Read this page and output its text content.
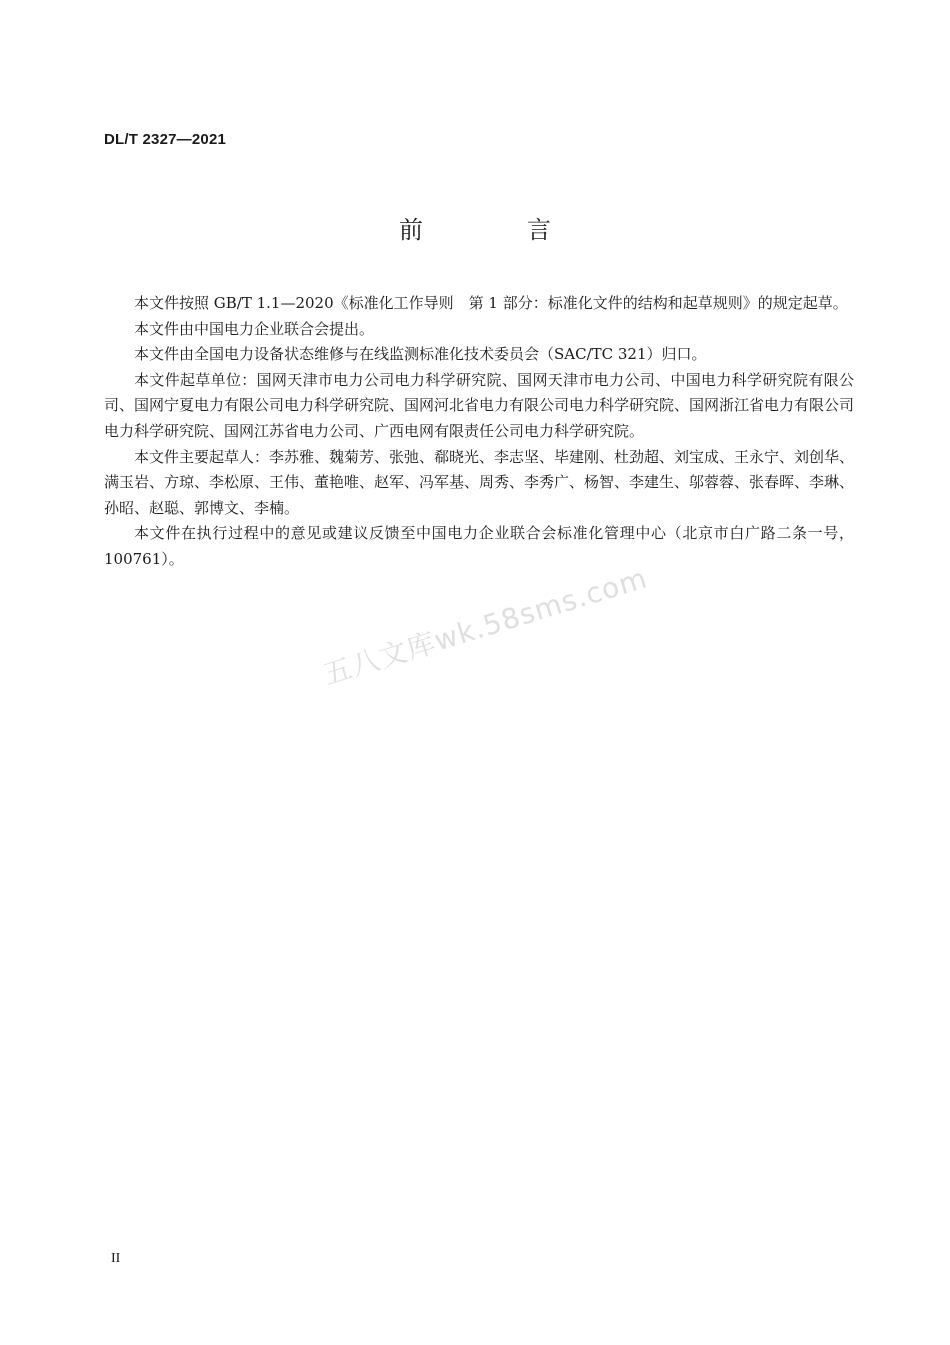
DL/T 2327—2021
前　言

本文件按照 GB/T 1.1—2020《标准化工作导则　第 1 部分：标准化文件的结构和起草规则》的规定起草。

本文件由中国电力企业联合会提出。

本文件由全国电力设备状态维修与在线监测标准化技术委员会（SAC/TC 321）归口。

本文件起草单位：国网天津市电力公司电力科学研究院、国网天津市电力公司、中国电力科学研究院有限公司、国网宁夏电力有限公司电力科学研究院、国网河北省电力有限公司电力科学研究院、国网浙江省电力有限公司电力科学研究院、国网江苏省电力公司、广西电网有限责任公司电力科学研究院。

本文件主要起草人：李苏雅、魏菊芳、张弛、郗晓光、李志坚、毕建刚、杜劲超、刘宝成、王永宁、刘创华、满玉岩、方琼、李松原、王伟、董艳唯、赵军、冯军基、周秀、李秀广、杨智、李建生、邬蓉蓉、张春晖、李琳、孙昭、赵聪、郭博文、李楠。

本文件在执行过程中的意见或建议反馈至中国电力企业联合会标准化管理中心（北京市白广路二条一号，100761）。

五八文库wk.58sms.com
II
